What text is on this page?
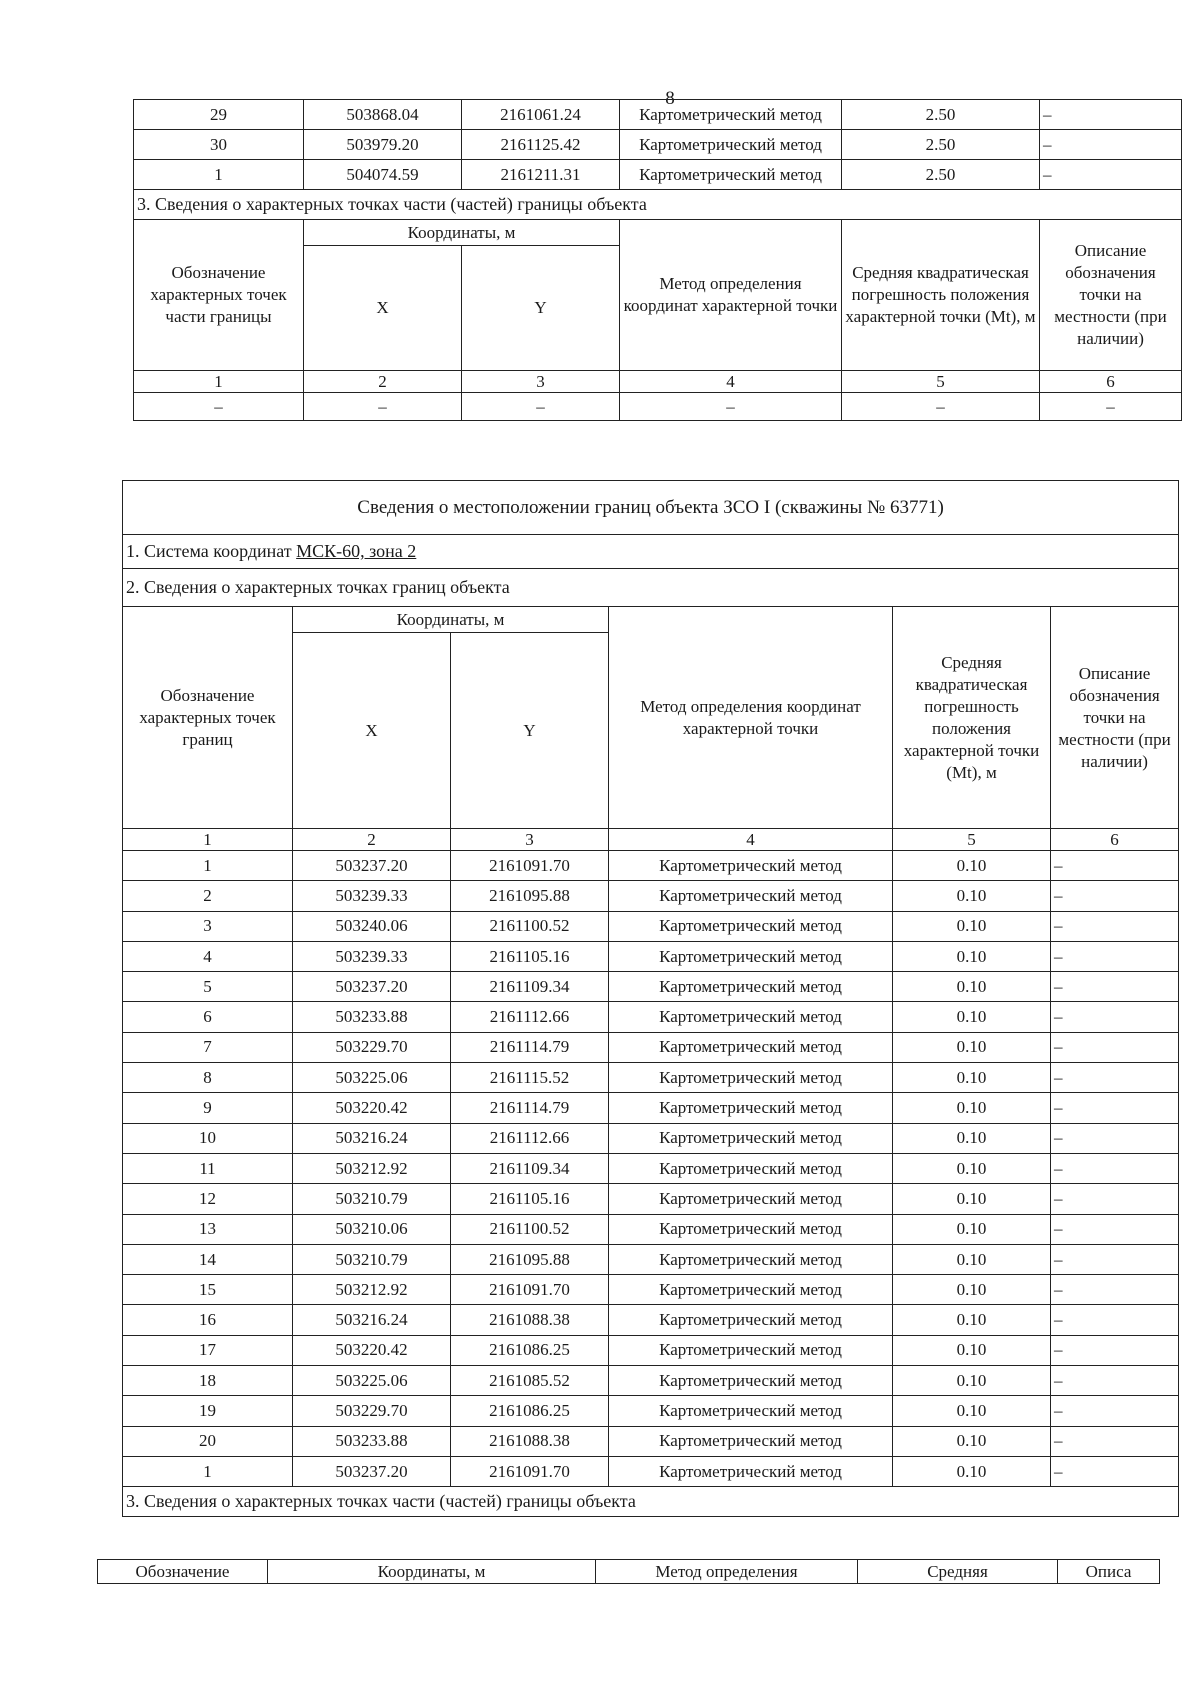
8
29	503868.04	2161061.24	Картометрический метод	2.50	–
30	503979.20	2161125.42	Картометрический метод	2.50	–
1	504074.59	2161211.31	Картометрический метод	2.50	–
3. Сведения о характерных точках части (частей) границы объекта					
Обозначение характерных точек части границы	Координаты, м		Метод определения координат характерной точки	Средняя квадратическая погрешность положения характерной точки (Mt), м	Описание обозначения точки на местности (при наличии)
	X	Y			
1	2	3	4	5	6
–	–	–	–	–	–
Сведения о местоположении границ объекта ЗСО I (скважины № 63771)					
1. Система координат МСК-60, зона 2					
2. Сведения о характерных точках границ объекта					
Обозначение характерных точек границ	Координаты, м		Метод определения координат характерной точки	Средняя квадратическая погрешность положения характерной точки (Mt), м	Описание обозначения точки на местности (при наличии)
	X	Y			
1	2	3	4	5	6
1	503237.20	2161091.70	Картометрический метод	0.10	–
2	503239.33	2161095.88	Картометрический метод	0.10	–
3	503240.06	2161100.52	Картометрический метод	0.10	–
4	503239.33	2161105.16	Картометрический метод	0.10	–
5	503237.20	2161109.34	Картометрический метод	0.10	–
6	503233.88	2161112.66	Картометрический метод	0.10	–
7	503229.70	2161114.79	Картометрический метод	0.10	–
8	503225.06	2161115.52	Картометрический метод	0.10	–
9	503220.42	2161114.79	Картометрический метод	0.10	–
10	503216.24	2161112.66	Картометрический метод	0.10	–
11	503212.92	2161109.34	Картометрический метод	0.10	–
12	503210.79	2161105.16	Картометрический метод	0.10	–
13	503210.06	2161100.52	Картометрический метод	0.10	–
14	503210.79	2161095.88	Картометрический метод	0.10	–
15	503212.92	2161091.70	Картометрический метод	0.10	–
16	503216.24	2161088.38	Картометрический метод	0.10	–
17	503220.42	2161086.25	Картометрический метод	0.10	–
18	503225.06	2161085.52	Картометрический метод	0.10	–
19	503229.70	2161086.25	Картометрический метод	0.10	–
20	503233.88	2161088.38	Картометрический метод	0.10	–
1	503237.20	2161091.70	Картометрический метод	0.10	–
3. Сведения о характерных точках части (частей) границы объекта					
Обозначение	Координаты, м	Метод определения	Средняя	Описа
